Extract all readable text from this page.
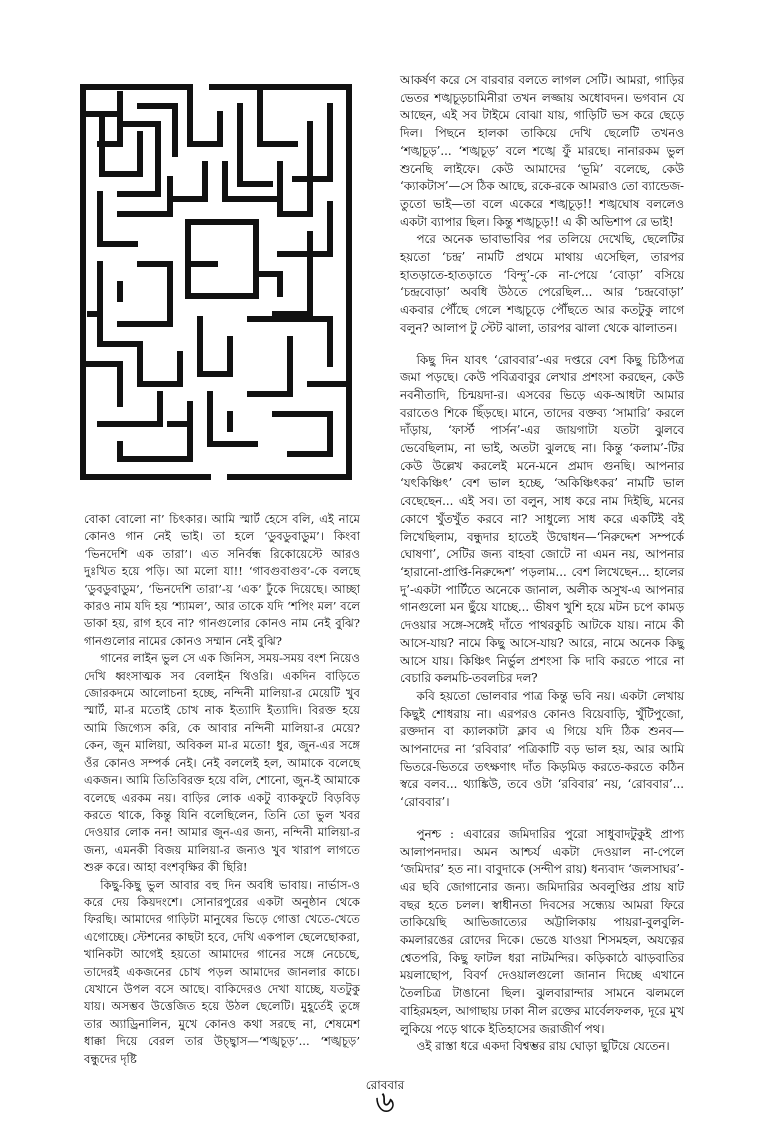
বোকা বোলো না’ চিৎকার। আমি স্মার্ট হেসে বলি, এই নামে কোনও গান নেই ভাই। তা হলে ‘ডুবডুবাডুম’। কিংবা ‘ভিনদেশি এক তারা’। এত সনির্বন্ধ রিকোয়েস্টে আরও দুঃখিত হয়ে পড়ি। আ মলো যা!! ‘গাবগুবাগুব’-কে বলছে ‘ডুবডুবাডুম’, ‘ভিনদেশি তারা’-য় ‘এক’ ঢুঁকে দিয়েছে। আচ্ছা কারও নাম যদি হয় ‘শ্যামল’, আর তাকে যদি ‘শপিং মল’ বলে ডাকা হয়, রাগ হবে না? গানগুলোর কোনও নাম নেই বুঝি? গানগুলোর নামের কোনও সম্মান নেই বুঝি?

গানের লাইন ভুল সে এক জিনিস, সময়-সময় বংশ নিয়েও দেখি ধ্বংসাত্মক সব বেলাইন থিওরি। একদিন বাড়িতে জোরকদমে আলোচনা হচ্ছে, নন্দিনী মালিয়া-র মেয়েটি খুব স্মার্ট, মা-র মতোই চোখ নাক ইত্যাদি ইত্যাদি। বিরক্ত হয়ে আমি জিগ্যেস করি, কে আবার নন্দিনী মালিয়া-র মেয়ে? কেন, জুন মালিয়া, অবিকল মা-র মতো! ধুর, জুন-এর সঙ্গে ওঁর কোনও সম্পর্ক নেই। নেই বললেই হল, আমাকে বলেছে একজন। আমি তিতিবিরক্ত হয়ে বলি, শোনো, জুন-ই আমাকে বলেছে এরকম নয়। বাড়ির লোক একটু ব্যাকফুটে বিড়বিড় করতে থাকে, কিন্তু যিনি বলেছিলেন, তিনি তো ভুল খবর দেওয়ার লোক নন! আমার জুন-এর জন্য, নন্দিনী মালিয়া-র জন্য, এমনকী বিজয় মালিয়া-র জন্যও খুব খারাপ লাগতে শুরু করে। আহা বংশবৃক্ষির কী ছিরি!

কিছু-কিছু ভুল আবার বহু দিন অবধি ভাবায়। নার্ভাস-ও করে দেয় কিয়দংশে। সোনারপুরের একটা অনুষ্ঠান থেকে ফিরছি। আমাদের গাড়িটা মানুষের ভিড়ে গোত্তা খেতে-খেতে এগোচ্ছে। স্টেশনের কাছটা হবে, দেখি একপাল ছেলেছোকরা, খানিকটা আগেই হয়তো আমাদের গানের সঙ্গে নেচেছে, তাদেরই একজনের চোখ পড়ল আমাদের জানলার কাচে। যেখানে উপল বসে আছে। বাকিদেরও দেখা যাচ্ছে, যতটুকু যায়। অসম্ভব উত্তেজিত হয়ে উঠল ছেলেটি। মুহূর্তেই তুঙ্গে তার অ্যাড্রিনালিন, মুখে কোনও কথা সরছে না, শেষমেশ ধাক্কা দিয়ে বেরল তার উচ্ছ্বাস—‘শঙ্খচূড়’... ‘শঙ্খচূড়’ বন্ধুদের দৃষ্টি

আকর্ষণ করে সে বারবার বলতে লাগল সেটি। আমরা, গাড়ির ভেতর শঙ্খচূড়চামিনীরা তখন লজ্জায় অধোবদন। ভগবান যে আছেন, এই সব টাইমে বোঝা যায়, গাড়িটি ভস করে ছেড়ে দিল। পিছনে হালকা তাকিয়ে দেখি ছেলেটি তখনও ‘শঙ্খচূড়’... ‘শঙ্খচূড়’ বলে শঙ্খে ফুঁ মারছে। নানারকম ভুল শুনেছি লাইফে। কেউ আমাদের ‘ভূমি’ বলেছে, কেউ ‘ক্যাকটাস’—সে ঠিক আছে, রকে-রকে আমরাও তো ব্যান্ডেজ-তুতো ভাই—তা বলে একেরে শঙ্খচূড়!! শঙ্খঘোষ বললেও একটা ব্যাপার ছিল। কিন্তু শঙ্খচূড়!! এ কী অভিশাপ রে ভাই!

পরে অনেক ভাবাভাবির পর তলিয়ে দেখেছি, ছেলেটির হয়তো ‘চন্দ্র’ নামটি প্রথমে মাথায় এসেছিল, তারপর হাতড়াতে-হাতড়াতে ‘বিন্দু’-কে না-পেয়ে ‘বোড়া’ বসিয়ে ‘চন্দ্রবোড়া’ অবধি উঠতে পেরেছিল... আর ‘চন্দ্রবোড়া’ একবার পৌঁছে গেলে শঙ্খচূড়ে পৌঁছতে আর কতটুকু লাগে বলুন? আলাপ টু স্টেট ঝালা, তারপর ঝালা থেকে ঝালাতন।

কিছু দিন যাবৎ ‘রোববার’-এর দপ্তরে বেশ কিছু চিঠিপত্র জমা পড়ছে। কেউ পবিত্রবাবুর লেখার প্রশংসা করছেন, কেউ নবনীতাদি, চিন্ময়দা-র। এসবের ভিড়ে এক-আধটা আমার বরাতেও শিকে ছিঁড়ছে। মানে, তাদের বক্তব্য ‘সামারি’ করলে দাঁড়ায়, ‘ফার্স্ট পার্সন’-এর জায়গাটা যতটা ঝুলবে ভেবেছিলাম, না ভাই, অতটা ঝুলছে না। কিন্তু ‘কলাম’-টির কেউ উল্লেখ করলেই মনে-মনে প্রমাদ গুনছি। আপনার ‘যৎকিঞ্চিৎ’ বেশ ভাল হচ্ছে, ‘অকিঞ্চিৎকর’ নামটি ভাল বেছেছেন... এই সব। তা বলুন, সাধ করে নাম দিইছি, মনের কোণে খুঁতখুঁত করবে না? সাধুল্যে সাধ করে একটিই বই লিখেছিলাম, বন্ধুদার হাতেই উদ্বোধন—‘নিরুদ্দেশ সম্পর্কে ঘোষণা’, সেটির জন্য বাহবা জোটে না এমন নয়, আপনার ‘হারানো-প্রাপ্তি-নিরুদ্দেশ’ পড়লাম... বেশ লিখেছেন... হালের দু’-একটা পার্টিতে অনেকে জানাল, অলীক অসুখ-এ আপনার গানগুলো মন ছুঁয়ে যাচ্ছে... ভীষণ খুশি হয়ে মটন চপে কামড় দেওয়ার সঙ্গে-সঙ্গেই দাঁতে পাথরকুচি আটকে যায়। নামে কী আসে-যায়? নামে কিছু আসে-যায়? আরে, নামে অনেক কিছু আসে যায়। কিঞ্চিৎ নির্ভুল প্রশংসা কি দাবি করতে পারে না বেচারি কলমচি-তবলচির দল?

কবি হয়তো ভোলবার পাত্র কিন্তু ভবি নয়। একটা লেখায় কিছুই শোধরায় না। এরপরও কোনও বিয়েবাড়ি, খুঁটিপুজো, রক্তদান বা ক্যালকাটা ক্লাব এ গিয়ে যদি ঠিক শুনব—আপনাদের না ‘রবিবার’ পত্রিকাটি বড় ভাল হয়, আর আমি ভিতরে-ভিতরে তৎক্ষণাৎ দাঁত কিড়মিড় করতে-করতে কঠিন স্বরে বলব... থ্যাঙ্কিউ, তবে ওটা ‘রবিবার’ নয়, ‘রোববার’... ‘রোববার’।

পুনশ্চ : এবারের জমিদারির পুরো সাধুবাদটুকুই প্রাপ্য আলাপনদার। অমন আশ্চর্য একটা দেওয়াল না-পেলে ‘জমিদার’ হত না। বাবুদাকে (সন্দীপ রায়) ধন্যবাদ ‘জলসাঘর’-এর ছবি জোগানোর জন্য। জমিদারির অবলুপ্তির প্রায় ষাট বছর হতে চলল। স্বাধীনতা দিবসের সন্ধ্যেয় আমরা ফিরে তাকিয়েছি আভিজাত্যের অট্টালিকায় পায়রা-বুলবুলি-কমলারঙের রোদের দিকে। ভেঙে যাওয়া শিসমহল, অযত্নের শ্বেতপরি, কিছু ফাটল ধরা নাটমন্দির। কড়িকাঠে ঝাড়বাতির ময়লাছোপ, বিবর্ণ দেওয়ালগুলো জানান দিচ্ছে এখানে তৈলচিত্র টাঙানো ছিল। ঝুলবারান্দার সামনে ঝলমলে বাহিরমহল, আগাছায় ঢাকা নীল রক্তের মার্বেলফলক, দূরে মুখ লুকিয়ে পড়ে থাকে ইতিহাসের জরাজীর্ণ পথ।

ওই রাস্তা ধরে একদা বিশ্বম্ভর রায় ঘোড়া ছুটিয়ে যেতেন।

রোববার
৬
